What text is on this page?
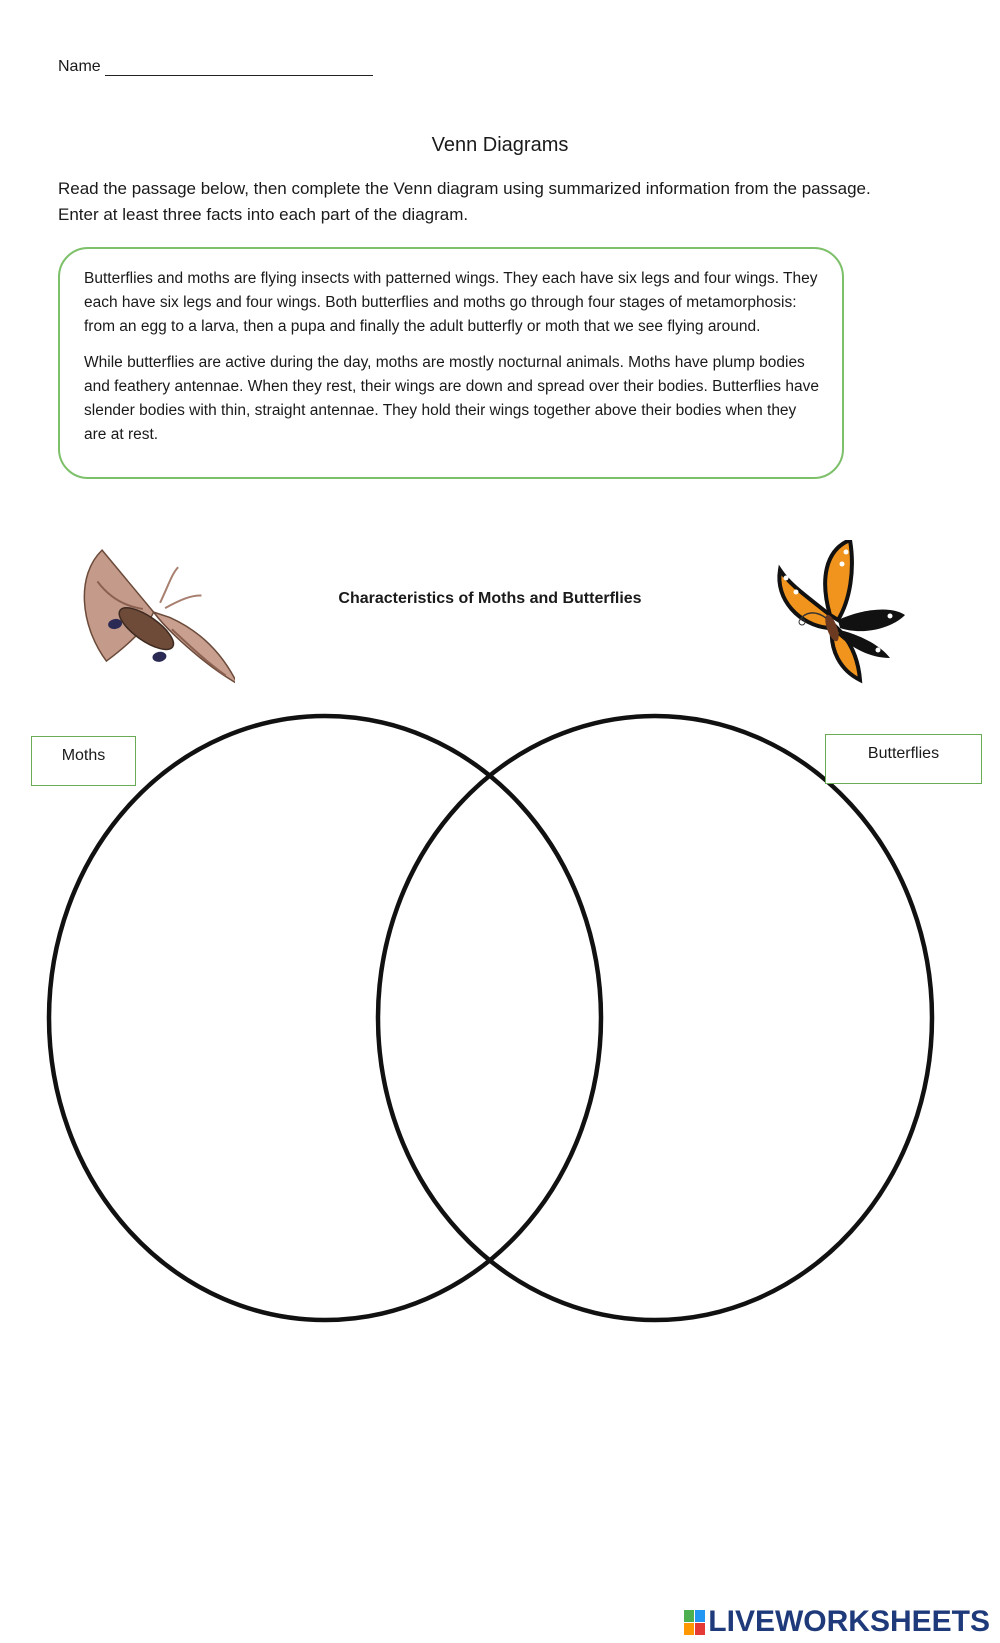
Name
Venn Diagrams
Read the passage below, then complete the Venn diagram using summarized information from the passage.
Enter at least three facts into each part of the diagram.

Butterflies and moths are flying insects with patterned wings. They each have six legs and four wings. They each have six legs and four wings. Both butterflies and moths go through four stages of metamorphosis: from an egg to a larva, then a pupa and finally the adult butterfly or moth that we see flying around.

While butterflies are active during the day, moths are mostly nocturnal animals. Moths have plump bodies and feathery antennae. When they rest, their wings are down and spread over their bodies. Butterflies have slender bodies with thin, straight antennae. They hold their wings together above their bodies when they are at rest.

Characteristics of Moths and Butterflies
Moths	Butterflies
LIVEWORKSHEETS
